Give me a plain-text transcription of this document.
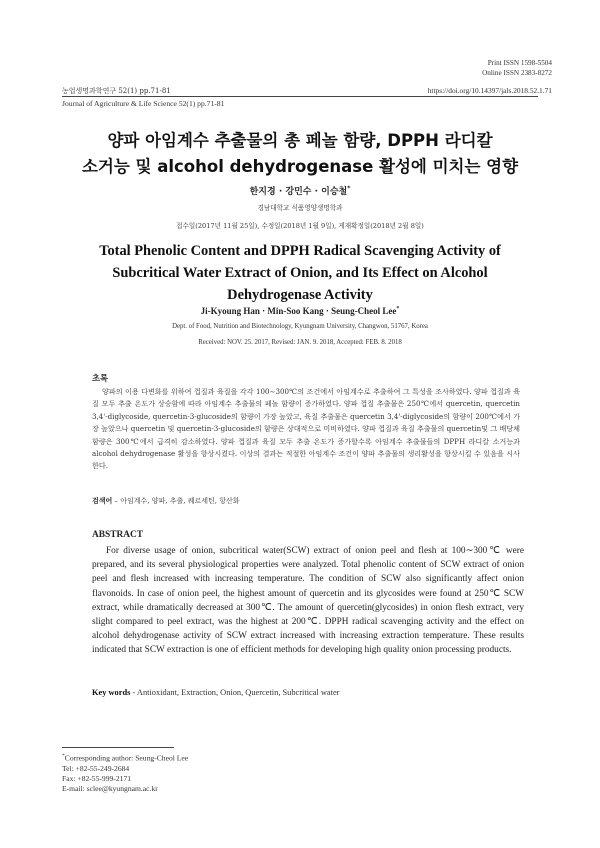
Print ISSN 1598-5504
Online ISSN 2383-8272
농업생명과학연구 52(1) pp.71-81	https://doi.org/10.14397/jals.2018.52.1.71
Journal of Agriculture & Life Science 52(1) pp.71-81
양파 아임계수 추출물의 총 페놀 함량, DPPH 라디칼
소거능 및 alcohol dehydrogenase 활성에 미치는 영향
한지경 · 강민수 · 이승철*
경남대학교 식품영양생명학과
접수일(2017년 11월 25일), 수정일(2018년 1월 9일), 게재확정일(2018년 2월 8일)
Total Phenolic Content and DPPH Radical Scavenging Activity of
Subcritical Water Extract of Onion, and Its Effect on Alcohol
Dehydrogenase Activity
Ji-Kyoung Han · Min-Soo Kang · Seung-Cheol Lee*
Dept. of Food, Nutrition and Biotechnology, Kyungnam University, Changwon, 51767, Korea
Received: NOV. 25. 2017, Revised: JAN. 9. 2018, Accepted: FEB. 8. 2018
초록
양파의 이용 다변화를 위하여 껍질과 육질을 각각 100∼300℃의 조건에서 아임계수로 추출하여 그 특성을 조사하였다. 양파 껍질과 육질 모두 추출 온도가 상승함에 따라 아임계수 추출물의 페놀 함량이 증가하였다. 양파 껍질 추출물은 250℃에서 quercetin, quercetin 3,4'-diglycoside, quercetin-3-glucoside의 함량이 가장 높았고, 육질 추출물은 quercetin 3,4'-diglycoside의 함량이 200℃에서 가장 높았으나 quercetin 및 quercetin-3-glucoside의 함량은 상대적으로 미비하였다. 양파 껍질과 육질 추출물의 quercetin및 그 배당체 함량은 300℃에서 급격히 감소하였다. 양파 껍질과 육질 모두 추출 온도가 증가할수록 아임계수 추출물들의 DPPH 라디칼 소거능과 alcohol dehydrogenase 활성을 향상시켰다. 이상의 결과는 적절한 아임계수 조건이 양파 추출물의 생리활성을 향상시킬 수 있음을 시사한다.
검색어 – 아임계수, 양파, 추출, 퀘르세틴, 항산화
ABSTRACT
For diverse usage of onion, subcritical water(SCW) extract of onion peel and flesh at 100∼300℃ were prepared, and its several physiological properties were analyzed. Total phenolic content of SCW extract of onion peel and flesh increased with increasing temperature. The condition of SCW also significantly affect onion flavonoids. In case of onion peel, the highest amount of quercetin and its glycosides were found at 250℃ SCW extract, while dramatically decreased at 300℃. The amount of quercetin(glycosides) in onion flesh extract, very slight compared to peel extract, was the highest at 200℃. DPPH radical scavenging activity and the effect on alcohol dehydrogenase activity of SCW extract increased with increasing extraction temperature. These results indicated that SCW extraction is one of efficient methods for developing high quality onion processing products.
Key words - Antioxidant, Extraction, Onion, Quercetin, Subcritical water
*Corresponding author: Seung-Cheol Lee
Tel: +82-55-249-2684
Fax: +82-55-999-2171
E-mail: sclee@kyungnam.ac.kr
